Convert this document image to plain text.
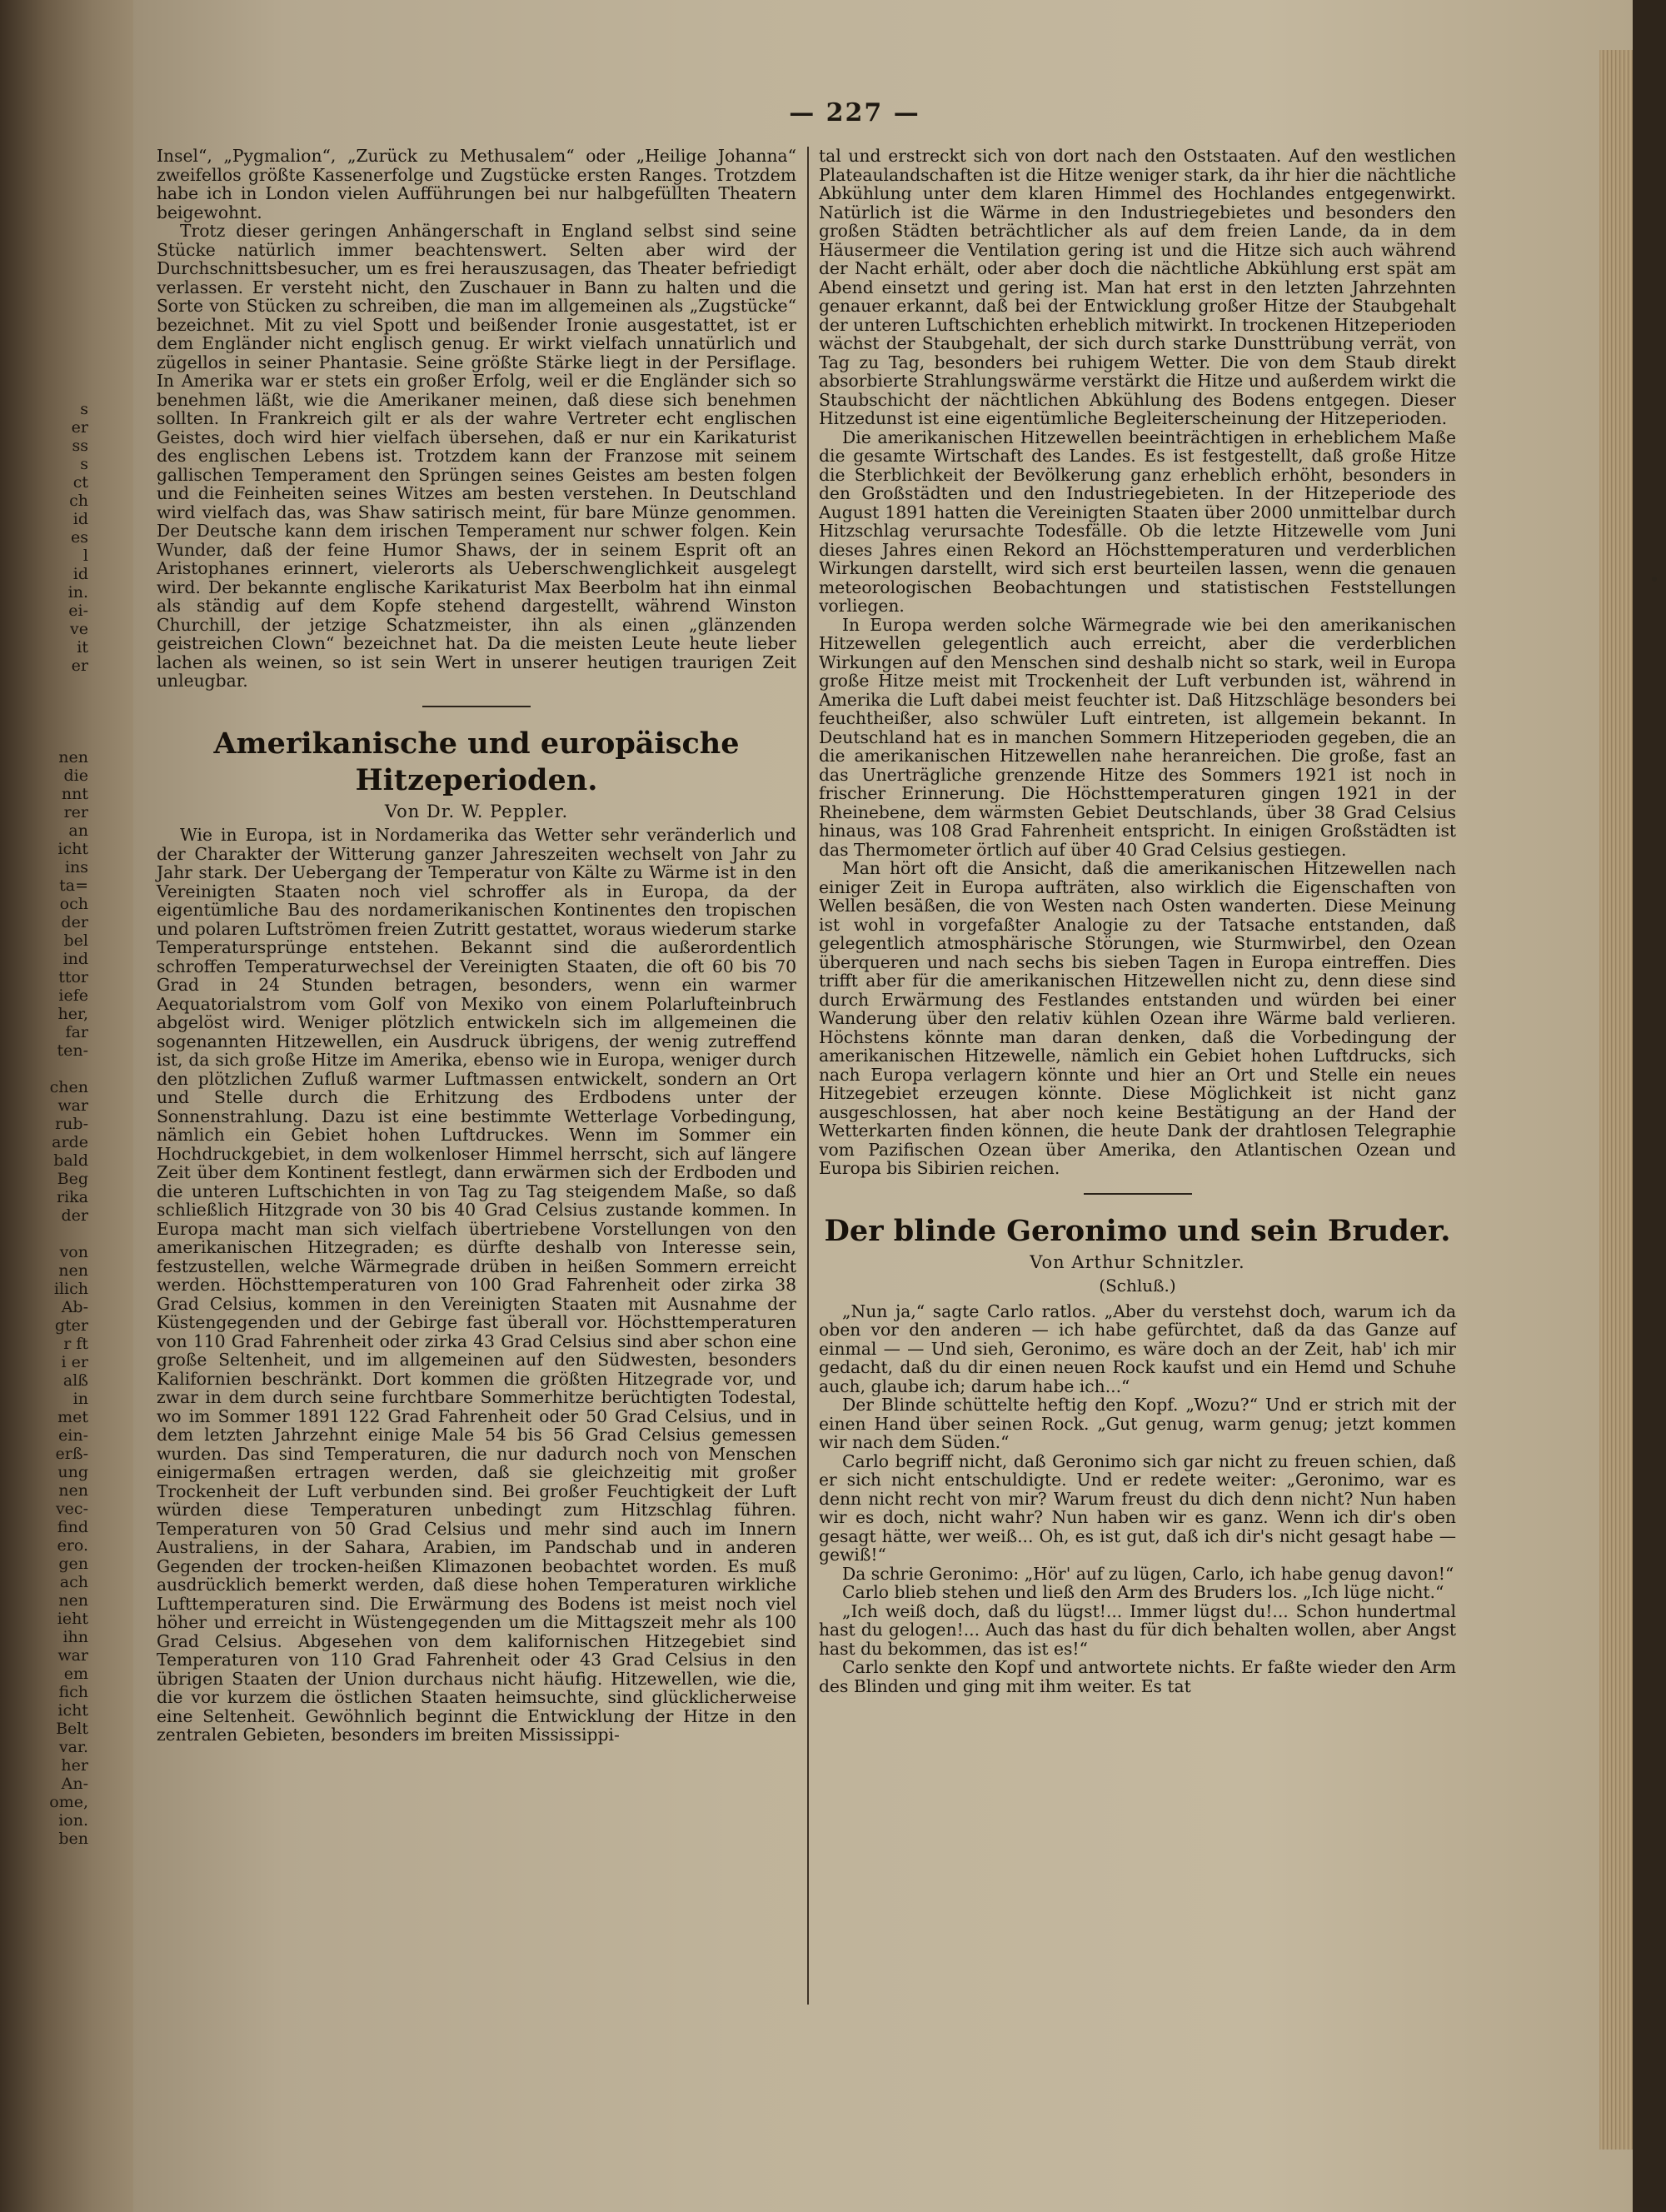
s
er
ss
s
ct
ch
id
es
l
id
in.
ei-
ve
it
er
nen
die
nnt
rer
an
icht
ins
ta=
och
der
bel
ind
ttor
iefe
her,
far
ten-
chen
war
rub-
arde
bald
Beg
rika
der
von
nen
ilich
Ab-
gter
r ft
i er
alß
in
met
ein-
erß-
ung
nen
vec-
find
ero.
gen
ach
nen
ieht
ihn
war
em
fich
icht
Belt
var.
her
An-
ome,
ion.
ben
— 227 —

Insel“, „Pygmalion“, „Zurück zu Methusalem“ oder „Heilige Johanna“ zweifellos größte Kassenerfolge und Zugstücke ersten Ranges. Trotzdem habe ich in London vielen Aufführungen bei nur halbgefüllten Theatern beigewohnt.

Trotz dieser geringen Anhängerschaft in England selbst sind seine Stücke natürlich immer beachtenswert. Selten aber wird der Durchschnittsbesucher, um es frei herauszusagen, das Theater befriedigt verlassen. Er versteht nicht, den Zuschauer in Bann zu halten und die Sorte von Stücken zu schreiben, die man im allgemeinen als „Zugstücke“ bezeichnet. Mit zu viel Spott und beißender Ironie ausgestattet, ist er dem Engländer nicht englisch genug. Er wirkt vielfach unnatürlich und zügellos in seiner Phantasie. Seine größte Stärke liegt in der Persiflage. In Amerika war er stets ein großer Erfolg, weil er die Engländer sich so benehmen läßt, wie die Amerikaner meinen, daß diese sich benehmen sollten. In Frankreich gilt er als der wahre Vertreter echt englischen Geistes, doch wird hier vielfach übersehen, daß er nur ein Karikaturist des englischen Lebens ist. Trotzdem kann der Franzose mit seinem gallischen Temperament den Sprüngen seines Geistes am besten folgen und die Feinheiten seines Witzes am besten verstehen. In Deutschland wird vielfach das, was Shaw satirisch meint, für bare Münze genommen. Der Deutsche kann dem irischen Temperament nur schwer folgen. Kein Wunder, daß der feine Humor Shaws, der in seinem Esprit oft an Aristophanes erinnert, vielerorts als Ueberschwenglichkeit ausgelegt wird. Der bekannte englische Karikaturist Max Beerbolm hat ihn einmal als ständig auf dem Kopfe stehend dargestellt, während Winston Churchill, der jetzige Schatzmeister, ihn als einen „glänzenden geistreichen Clown“ bezeichnet hat. Da die meisten Leute heute lieber lachen als weinen, so ist sein Wert in unserer heutigen traurigen Zeit unleugbar.

Amerikanische und europäische Hitzeperioden.
Von Dr. W. Peppler.

Wie in Europa, ist in Nordamerika das Wetter sehr veränderlich und der Charakter der Witterung ganzer Jahreszeiten wechselt von Jahr zu Jahr stark. Der Uebergang der Temperatur von Kälte zu Wärme ist in den Vereinigten Staaten noch viel schroffer als in Europa, da der eigentümliche Bau des nordamerikanischen Kontinentes den tropischen und polaren Luftströmen freien Zutritt gestattet, woraus wiederum starke Temperatursprünge entstehen. Bekannt sind die außerordentlich schroffen Temperaturwechsel der Vereinigten Staaten, die oft 60 bis 70 Grad in 24 Stunden betragen, besonders, wenn ein warmer Aequatorialstrom vom Golf von Mexiko von einem Polarlufteinbruch abgelöst wird. Weniger plötzlich entwickeln sich im allgemeinen die sogenannten Hitzewellen, ein Ausdruck übrigens, der wenig zutreffend ist, da sich große Hitze im Amerika, ebenso wie in Europa, weniger durch den plötzlichen Zufluß warmer Luftmassen entwickelt, sondern an Ort und Stelle durch die Erhitzung des Erdbodens unter der Sonnenstrahlung. Dazu ist eine bestimmte Wetterlage Vorbedingung, nämlich ein Gebiet hohen Luftdruckes. Wenn im Sommer ein Hochdruckgebiet, in dem wolkenloser Himmel herrscht, sich auf längere Zeit über dem Kontinent festlegt, dann erwärmen sich der Erdboden und die unteren Luftschichten in von Tag zu Tag steigendem Maße, so daß schließlich Hitzgrade von 30 bis 40 Grad Celsius zustande kommen. In Europa macht man sich vielfach übertriebene Vorstellungen von den amerikanischen Hitzegraden; es dürfte deshalb von Interesse sein, festzustellen, welche Wärmegrade drüben in heißen Sommern erreicht werden. Höchsttemperaturen von 100 Grad Fahrenheit oder zirka 38 Grad Celsius, kommen in den Vereinigten Staaten mit Ausnahme der Küstengegenden und der Gebirge fast überall vor. Höchsttemperaturen von 110 Grad Fahrenheit oder zirka 43 Grad Celsius sind aber schon eine große Seltenheit, und im allgemeinen auf den Südwesten, besonders Kalifornien beschränkt. Dort kommen die größten Hitzegrade vor, und zwar in dem durch seine furchtbare Sommerhitze berüchtigten Todestal, wo im Sommer 1891 122 Grad Fahrenheit oder 50 Grad Celsius, und in dem letzten Jahrzehnt einige Male 54 bis 56 Grad Celsius gemessen wurden. Das sind Temperaturen, die nur dadurch noch von Menschen einigermaßen ertragen werden, daß sie gleichzeitig mit großer Trockenheit der Luft verbunden sind. Bei großer Feuchtigkeit der Luft würden diese Temperaturen unbedingt zum Hitzschlag führen. Temperaturen von 50 Grad Celsius und mehr sind auch im Innern Australiens, in der Sahara, Arabien, im Pandschab und in anderen Gegenden der trocken-heißen Klimazonen beobachtet worden. Es muß ausdrücklich bemerkt werden, daß diese hohen Temperaturen wirkliche Lufttemperaturen sind. Die Erwärmung des Bodens ist meist noch viel höher und erreicht in Wüstengegenden um die Mittagszeit mehr als 100 Grad Celsius. Abgesehen von dem kalifornischen Hitzegebiet sind Temperaturen von 110 Grad Fahrenheit oder 43 Grad Celsius in den übrigen Staaten der Union durchaus nicht häufig. Hitzewellen, wie die, die vor kurzem die östlichen Staaten heimsuchte, sind glücklicherweise eine Seltenheit. Gewöhnlich beginnt die Entwicklung der Hitze in den zentralen Gebieten, besonders im breiten Mississippi-

tal und erstreckt sich von dort nach den Oststaaten. Auf den westlichen Plateaulandschaften ist die Hitze weniger stark, da ihr hier die nächtliche Abkühlung unter dem klaren Himmel des Hochlandes entgegenwirkt. Natürlich ist die Wärme in den Industriegebietes und besonders den großen Städten beträchtlicher als auf dem freien Lande, da in dem Häusermeer die Ventilation gering ist und die Hitze sich auch während der Nacht erhält, oder aber doch die nächtliche Abkühlung erst spät am Abend einsetzt und gering ist. Man hat erst in den letzten Jahrzehnten genauer erkannt, daß bei der Entwicklung großer Hitze der Staubgehalt der unteren Luftschichten erheblich mitwirkt. In trockenen Hitzeperioden wächst der Staubgehalt, der sich durch starke Dunsttrübung verrät, von Tag zu Tag, besonders bei ruhigem Wetter. Die von dem Staub direkt absorbierte Strahlungswärme verstärkt die Hitze und außerdem wirkt die Staubschicht der nächtlichen Abkühlung des Bodens entgegen. Dieser Hitzedunst ist eine eigentümliche Begleiterscheinung der Hitzeperioden.

Die amerikanischen Hitzewellen beeinträchtigen in erheblichem Maße die gesamte Wirtschaft des Landes. Es ist festgestellt, daß große Hitze die Sterblichkeit der Bevölkerung ganz erheblich erhöht, besonders in den Großstädten und den Industriegebieten. In der Hitzeperiode des August 1891 hatten die Vereinigten Staaten über 2000 unmittelbar durch Hitzschlag verursachte Todesfälle. Ob die letzte Hitzewelle vom Juni dieses Jahres einen Rekord an Höchsttemperaturen und verderblichen Wirkungen darstellt, wird sich erst beurteilen lassen, wenn die genauen meteorologischen Beobachtungen und statistischen Feststellungen vorliegen.

In Europa werden solche Wärmegrade wie bei den amerikanischen Hitzewellen gelegentlich auch erreicht, aber die verderblichen Wirkungen auf den Menschen sind deshalb nicht so stark, weil in Europa große Hitze meist mit Trockenheit der Luft verbunden ist, während in Amerika die Luft dabei meist feuchter ist. Daß Hitzschläge besonders bei feuchtheißer, also schwüler Luft eintreten, ist allgemein bekannt. In Deutschland hat es in manchen Sommern Hitzeperioden gegeben, die an die amerikanischen Hitzewellen nahe heranreichen. Die große, fast an das Unerträgliche grenzende Hitze des Sommers 1921 ist noch in frischer Erinnerung. Die Höchsttemperaturen gingen 1921 in der Rheinebene, dem wärmsten Gebiet Deutschlands, über 38 Grad Celsius hinaus, was 108 Grad Fahrenheit entspricht. In einigen Großstädten ist das Thermometer örtlich auf über 40 Grad Celsius gestiegen.

Man hört oft die Ansicht, daß die amerikanischen Hitzewellen nach einiger Zeit in Europa aufträten, also wirklich die Eigenschaften von Wellen besäßen, die von Westen nach Osten wanderten. Diese Meinung ist wohl in vorgefaßter Analogie zu der Tatsache entstanden, daß gelegentlich atmosphärische Störungen, wie Sturmwirbel, den Ozean überqueren und nach sechs bis sieben Tagen in Europa eintreffen. Dies trifft aber für die amerikanischen Hitzewellen nicht zu, denn diese sind durch Erwärmung des Festlandes entstanden und würden bei einer Wanderung über den relativ kühlen Ozean ihre Wärme bald verlieren. Höchstens könnte man daran denken, daß die Vorbedingung der amerikanischen Hitzewelle, nämlich ein Gebiet hohen Luftdrucks, sich nach Europa verlagern könnte und hier an Ort und Stelle ein neues Hitzegebiet erzeugen könnte. Diese Möglichkeit ist nicht ganz ausgeschlossen, hat aber noch keine Bestätigung an der Hand der Wetterkarten finden können, die heute Dank der drahtlosen Telegraphie vom Pazifischen Ozean über Amerika, den Atlantischen Ozean und Europa bis Sibirien reichen.

Der blinde Geronimo und sein Bruder.
Von Arthur Schnitzler.
(Schluß.)

„Nun ja,“ sagte Carlo ratlos. „Aber du verstehst doch, warum ich da oben vor den anderen — ich habe gefürchtet, daß da das Ganze auf einmal — — Und sieh, Geronimo, es wäre doch an der Zeit, hab' ich mir gedacht, daß du dir einen neuen Rock kaufst und ein Hemd und Schuhe auch, glaube ich; darum habe ich...“

Der Blinde schüttelte heftig den Kopf. „Wozu?“ Und er strich mit der einen Hand über seinen Rock. „Gut genug, warm genug; jetzt kommen wir nach dem Süden.“

Carlo begriff nicht, daß Geronimo sich gar nicht zu freuen schien, daß er sich nicht entschuldigte. Und er redete weiter: „Geronimo, war es denn nicht recht von mir? Warum freust du dich denn nicht? Nun haben wir es doch, nicht wahr? Nun haben wir es ganz. Wenn ich dir's oben gesagt hätte, wer weiß... Oh, es ist gut, daß ich dir's nicht gesagt habe — gewiß!“

Da schrie Geronimo: „Hör' auf zu lügen, Carlo, ich habe genug davon!“

Carlo blieb stehen und ließ den Arm des Bruders los. „Ich lüge nicht.“

„Ich weiß doch, daß du lügst!... Immer lügst du!... Schon hundertmal hast du gelogen!... Auch das hast du für dich behalten wollen, aber Angst hast du bekommen, das ist es!“

Carlo senkte den Kopf und antwortete nichts. Er faßte wieder den Arm des Blinden und ging mit ihm weiter. Es tat
